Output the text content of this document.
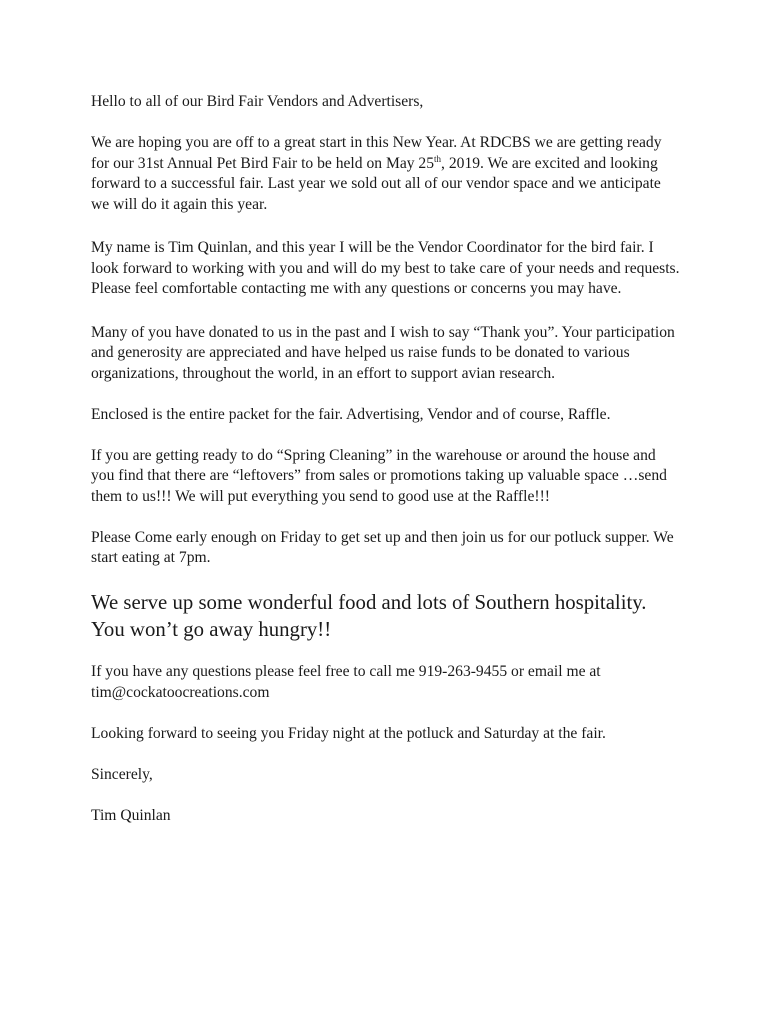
Hello to all of our Bird Fair Vendors and Advertisers,

We are hoping you are off to a great start in this New Year. At RDCBS we are getting ready for our 31st Annual Pet Bird Fair to be held on May 25th, 2019. We are excited and looking forward to a successful fair. Last year we sold out all of our vendor space and we anticipate we will do it again this year.

My name is Tim Quinlan, and this year I will be the Vendor Coordinator for the bird fair. I look forward to working with you and will do my best to take care of your needs and requests. Please feel comfortable contacting me with any questions or concerns you may have.

Many of you have donated to us in the past and I wish to say “Thank you”. Your participation and generosity are appreciated and have helped us raise funds to be donated to various organizations, throughout the world, in an effort to support avian research.

Enclosed is the entire packet for the fair. Advertising, Vendor and of course, Raffle.

If you are getting ready to do “Spring Cleaning” in the warehouse or around the house and you find that there are “leftovers” from sales or promotions taking up valuable space …send them to us!!! We will put everything you send to good use at the Raffle!!!

Please Come early enough on Friday to get set up and then join us for our potluck supper. We start eating at 7pm.

We serve up some wonderful food and lots of Southern hospitality. You won’t go away hungry!!

If you have any questions please feel free to call me 919-263-9455 or email me at tim@cockatoocreations.com

Looking forward to seeing you Friday night at the potluck and Saturday at the fair.

Sincerely,

Tim Quinlan
